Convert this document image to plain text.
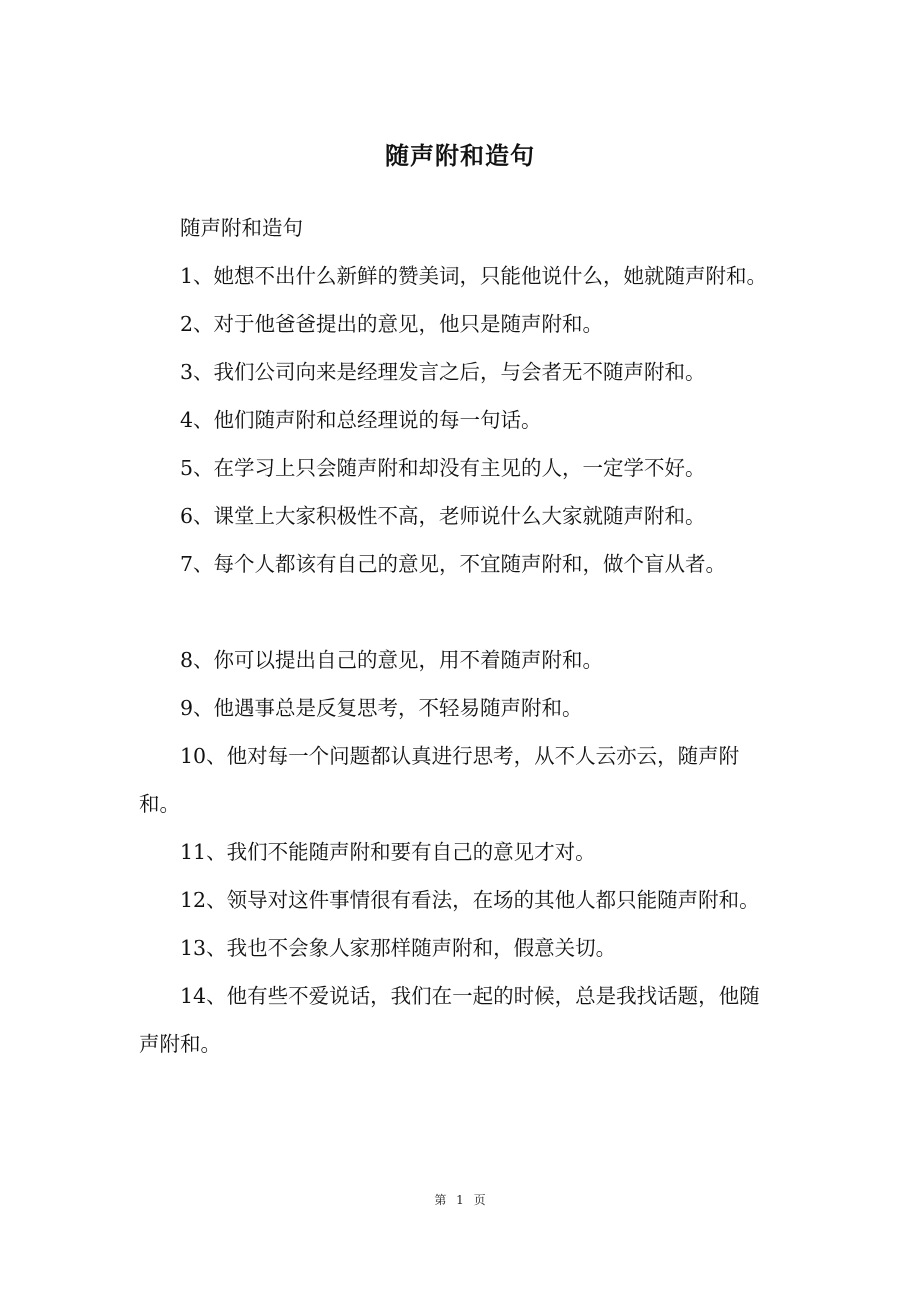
随声附和造句

随声附和造句

1、她想不出什么新鲜的赞美词，只能他说什么，她就随声附和。

2、对于他爸爸提出的意见，他只是随声附和。

3、我们公司向来是经理发言之后，与会者无不随声附和。

4、他们随声附和总经理说的每一句话。

5、在学习上只会随声附和却没有主见的人，一定学不好。

6、课堂上大家积极性不高，老师说什么大家就随声附和。

7、每个人都该有自己的意见，不宜随声附和，做个盲从者。

8、你可以提出自己的意见，用不着随声附和。

9、他遇事总是反复思考，不轻易随声附和。

10、他对每一个问题都认真进行思考，从不人云亦云，随声附和。

11、我们不能随声附和要有自己的意见才对。

12、领导对这件事情很有看法，在场的其他人都只能随声附和。

13、我也不会象人家那样随声附和，假意关切。

14、他有些不爱说话，我们在一起的时候，总是我找话题，他随声附和。

第 1 页
